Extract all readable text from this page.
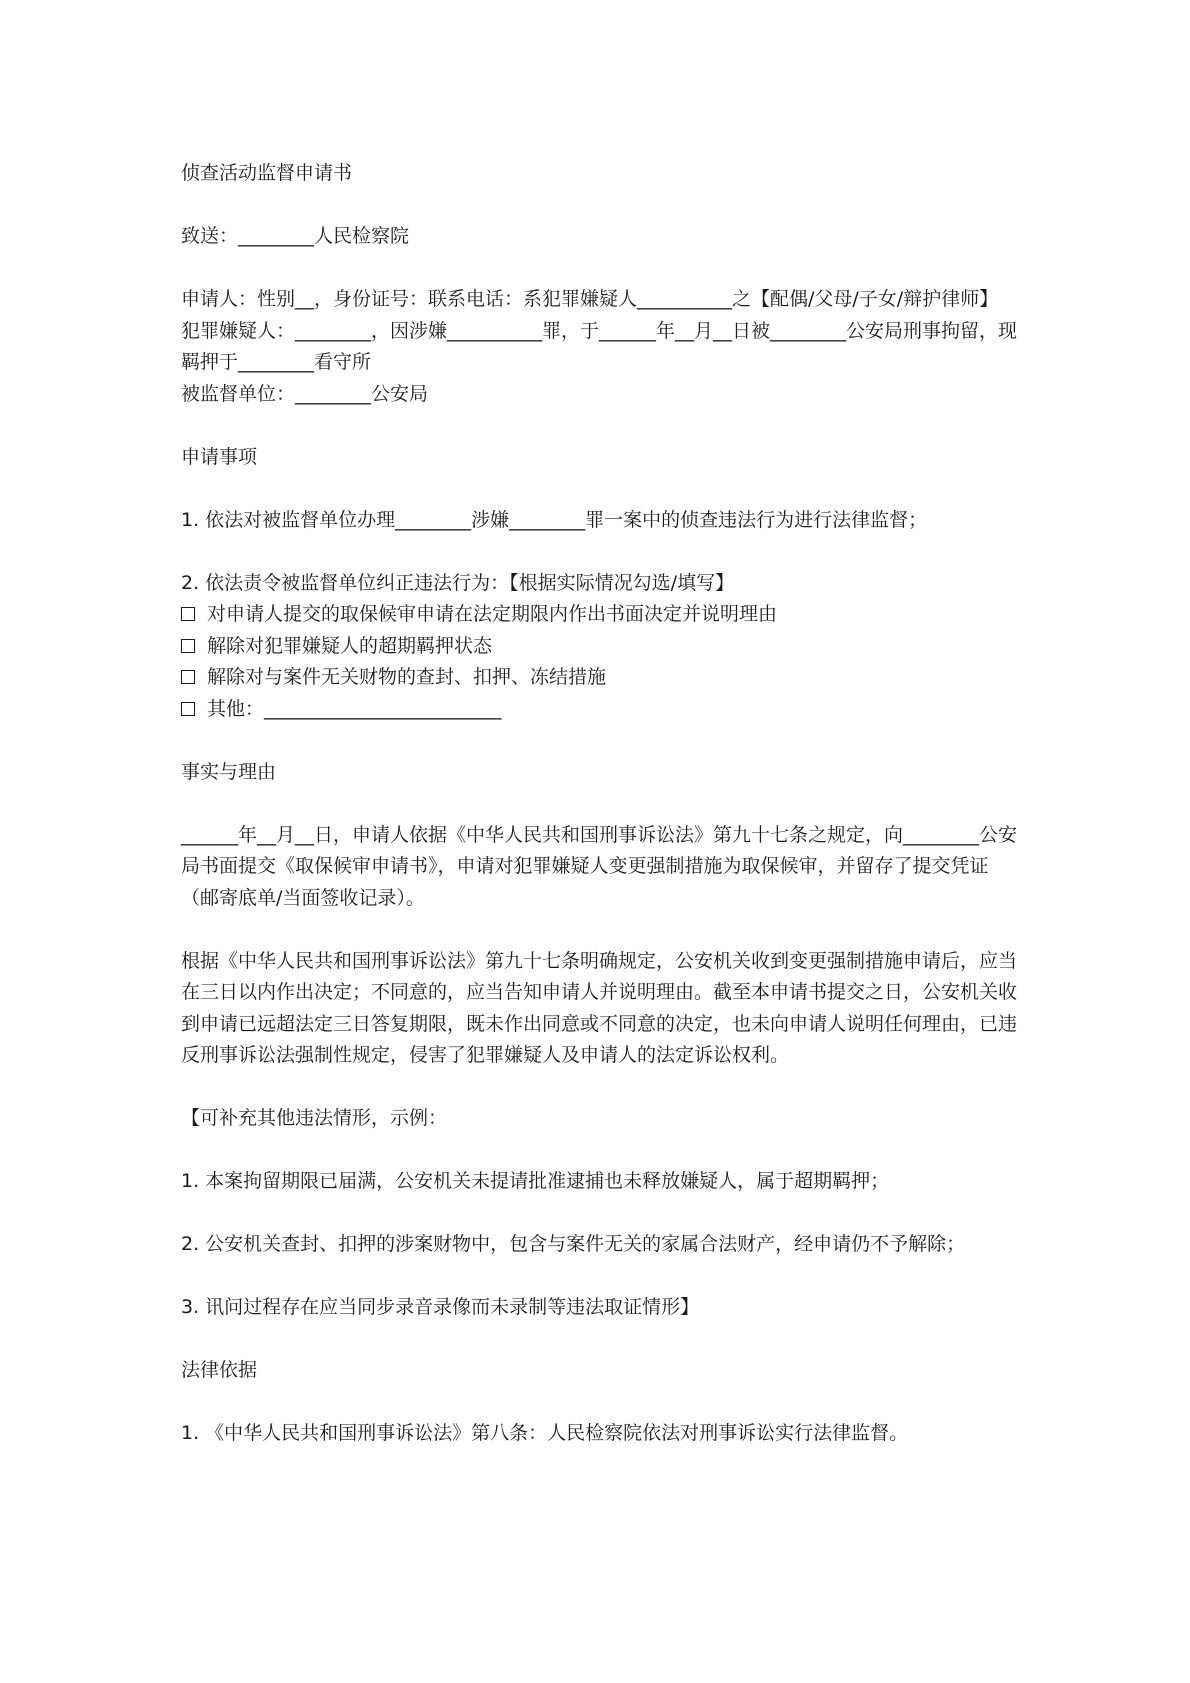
侦查活动监督申请书

致送：________人民检察院

申请人：性别__，身份证号：联系电话：系犯罪嫌疑人__________之【配偶/父母/子女/辩护律师】

犯罪嫌疑人：________，因涉嫌__________罪，于______年__月__日被________公安局刑事拘留，现羁押于________看守所

被监督单位：________公安局

申请事项

1. 依法对被监督单位办理________涉嫌________罪一案中的侦查违法行为进行法律监督；

2. 依法责令被监督单位纠正违法行为：【根据实际情况勾选/填写】

对申请人提交的取保候审申请在法定期限内作出书面决定并说明理由
解除对犯罪嫌疑人的超期羁押状态
解除对与案件无关财物的查封、扣押、冻结措施
其他：_________________________

事实与理由

______年__月__日，申请人依据《中华人民共和国刑事诉讼法》第九十七条之规定，向________公安局书面提交《取保候审申请书》，申请对犯罪嫌疑人变更强制措施为取保候审，并留存了提交凭证（邮寄底单/当面签收记录）。

根据《中华人民共和国刑事诉讼法》第九十七条明确规定，公安机关收到变更强制措施申请后，应当在三日以内作出决定；不同意的，应当告知申请人并说明理由。截至本申请书提交之日，公安机关收到申请已远超法定三日答复期限，既未作出同意或不同意的决定，也未向申请人说明任何理由，已违反刑事诉讼法强制性规定，侵害了犯罪嫌疑人及申请人的法定诉讼权利。

【可补充其他违法情形，示例：

1. 本案拘留期限已届满，公安机关未提请批准逮捕也未释放嫌疑人，属于超期羁押；

2. 公安机关查封、扣押的涉案财物中，包含与案件无关的家属合法财产，经申请仍不予解除；

3. 讯问过程存在应当同步录音录像而未录制等违法取证情形】

法律依据

1. 《中华人民共和国刑事诉讼法》第八条：人民检察院依法对刑事诉讼实行法律监督。
